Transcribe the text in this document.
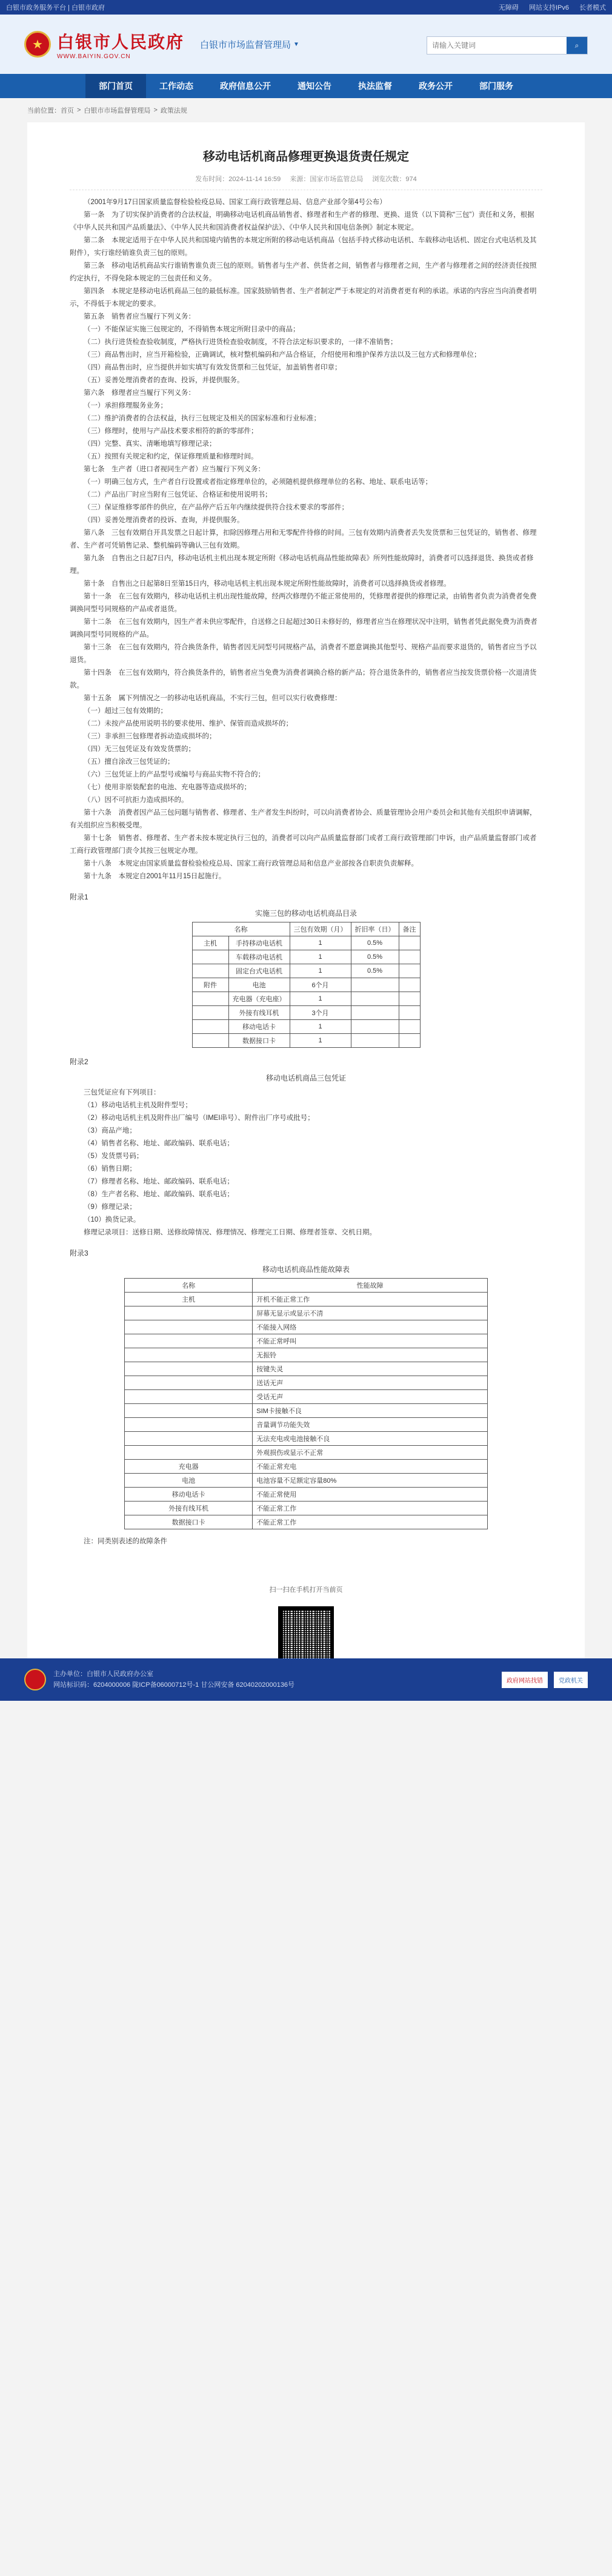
白银市政务服务平台 | 白银市政府	无障碍 网站支持IPv6 长者模式
★ 白银市人民政府
WWW.BAIYIN.GOV.CN
白银市市场监督管理局 ▼
请输入关键词	⌕
部门首页	工作动态	政府信息公开	通知公告	执法监督	政务公开	部门服务
当前位置： 首页 > 白银市市场监督管理局 > 政策法规
移动电话机商品修理更换退货责任规定
发布时间：2024-11-14 16:59 来源：国家市场监管总局 浏览次数：974

（2001年9月17日国家质量监督检验检疫总局、国家工商行政管理总局、信息产业部令第4号公布）

第一条　为了切实保护消费者的合法权益，明确移动电话机商品销售者、修理者和生产者的修理、更换、退货（以下简称“三包”）责任和义务，根据《中华人民共和国产品质量法》、《中华人民共和国消费者权益保护法》、《中华人民共和国电信条例》制定本规定。

第二条　本规定适用于在中华人民共和国境内销售的本规定所附的移动电话机商品（包括手持式移动电话机、车载移动电话机、固定台式电话机及其附件），实行谁经销谁负责三包的原则。

第三条　移动电话机商品实行谁销售谁负责三包的原则。销售者与生产者、供货者之间，销售者与修理者之间，生产者与修理者之间的经济责任按照约定执行，不得免除本规定的三包责任和义务。

第四条　本规定是移动电话机商品三包的最低标准。国家鼓励销售者、生产者制定严于本规定的对消费者更有利的承诺。承诺的内容应当向消费者明示，不得低于本规定的要求。

第五条　销售者应当履行下列义务：

（一）不能保证实施三包规定的，不得销售本规定所附目录中的商品；

（二）执行进货检查验收制度，严格执行进货检查验收制度，不符合法定标识要求的，一律不准销售；

（三）商品售出时，应当开箱检验，正确调试，核对整机编码和产品合格证，介绍使用和维护保养方法以及三包方式和修理单位；

（四）商品售出时，应当提供并如实填写有效发货票和三包凭证，加盖销售者印章；

（五）妥善处理消费者的查询、投诉，并提供服务。

第六条　修理者应当履行下列义务：

（一）承担修理服务业务；

（二）维护消费者的合法权益，执行三包规定及相关的国家标准和行业标准；

（三）修理时，使用与产品技术要求相符的新的零部件；

（四）完整、真实、清晰地填写修理记录；

（五）按照有关规定和约定，保证修理质量和修理时间。

第七条　生产者（进口者视同生产者）应当履行下列义务：

（一）明确三包方式，生产者自行设置或者指定修理单位的，必须随机提供修理单位的名称、地址、联系电话等；

（二）产品出厂时应当附有三包凭证、合格证和使用说明书；

（三）保证维修零部件的供应，在产品停产后五年内继续提供符合技术要求的零部件；

（四）妥善处理消费者的投诉、查询，并提供服务。

第八条　三包有效期自开具发票之日起计算，扣除因修理占用和无零配件待修的时间。三包有效期内消费者丢失发货票和三包凭证的，销售者、修理者、生产者可凭销售记录、整机编码等确认三包有效期。

第九条　自售出之日起7日内，移动电话机主机出现本规定所附《移动电话机商品性能故障表》所列性能故障时，消费者可以选择退货、换货或者修理。

第十条　自售出之日起第8日至第15日内，移动电话机主机出现本规定所附性能故障时，消费者可以选择换货或者修理。

第十一条　在三包有效期内，移动电话机主机出现性能故障，经两次修理仍不能正常使用的，凭修理者提供的修理记录，由销售者负责为消费者免费调换同型号同规格的产品或者退货。

第十二条　在三包有效期内，因生产者未供应零配件，自送修之日起超过30日未修好的，修理者应当在修理状况中注明，销售者凭此据免费为消费者调换同型号同规格的产品。

第十三条　在三包有效期内，符合换货条件，销售者因无同型号同规格产品，消费者不愿意调换其他型号、规格产品而要求退货的，销售者应当予以退货。

第十四条　在三包有效期内，符合换货条件的，销售者应当免费为消费者调换合格的新产品；符合退货条件的，销售者应当按发货票价格一次退清货款。

第十五条　属下列情况之一的移动电话机商品，不实行三包，但可以实行收费修理：

（一）超过三包有效期的；

（二）未按产品使用说明书的要求使用、维护、保管而造成损坏的；

（三）非承担三包修理者拆动造成损坏的；

（四）无三包凭证及有效发货票的；

（五）擅自涂改三包凭证的；

（六）三包凭证上的产品型号或编号与商品实物不符合的；

（七）使用非原装配套的电池、充电器等造成损坏的；

（八）因不可抗拒力造成损坏的。

第十六条　消费者因产品三包问题与销售者、修理者、生产者发生纠纷时，可以向消费者协会、质量管理协会用户委员会和其他有关组织申请调解，有关组织应当积极受理。

第十七条　销售者、修理者、生产者未按本规定执行三包的，消费者可以向产品质量监督部门或者工商行政管理部门申诉，由产品质量监督部门或者工商行政管理部门责令其按三包规定办理。

第十八条　本规定由国家质量监督检验检疫总局、国家工商行政管理总局和信息产业部按各自职责负责解释。

第十九条　本规定自2001年11月15日起施行。

附录1
实施三包的移动电话机商品目录
名称		三包有效期（月）	折旧率（日）	备注
主机	手持移动电话机	1	0.5%	
	车载移动电话机	1	0.5%	
	固定台式电话机	1	0.5%	
附件	电池	6个月		
	充电器（充电座）	1		
	外接有线耳机	3个月		
	移动电话卡	1		
	数据接口卡	1		
附录2
移动电话机商品三包凭证

三包凭证应有下列项目：

（1）移动电话机主机及附件型号；

（2）移动电话机主机及附件出厂编号（IMEI串号）、附件出厂序号或批号；

（3）商品产地；

（4）销售者名称、地址、邮政编码、联系电话；

（5）发货票号码；

（6）销售日期；

（7）修理者名称、地址、邮政编码、联系电话；

（8）生产者名称、地址、邮政编码、联系电话；

（9）修理记录；

（10）换货记录。

修理记录项目：送修日期、送修故障情况、修理情况、修理完工日期、修理者签章、交机日期。

附录3
移动电话机商品性能故障表
名称	性能故障
主机	开机不能正常工作
	屏幕无显示或显示不清
	不能接入网络
	不能正常呼叫
	无振铃
	按键失灵
	送话无声
	受话无声
	SIM卡接触不良
	音量调节功能失效
	无法充电或电池接触不良
	外观损伤或显示不正常
充电器	不能正常充电
电池	电池容量不足额定容量80%
移动电话卡	不能正常使用
外接有线耳机	不能正常工作
数据接口卡	不能正常工作

注：同类别表述的故障条件

扫一扫在手机打开当前页
主办单位：白银市人民政府办公室
网站标识码：6204000006 陇ICP备06000712号-1 甘公网安备 62040202000136号
政府网站找错	党政机关
